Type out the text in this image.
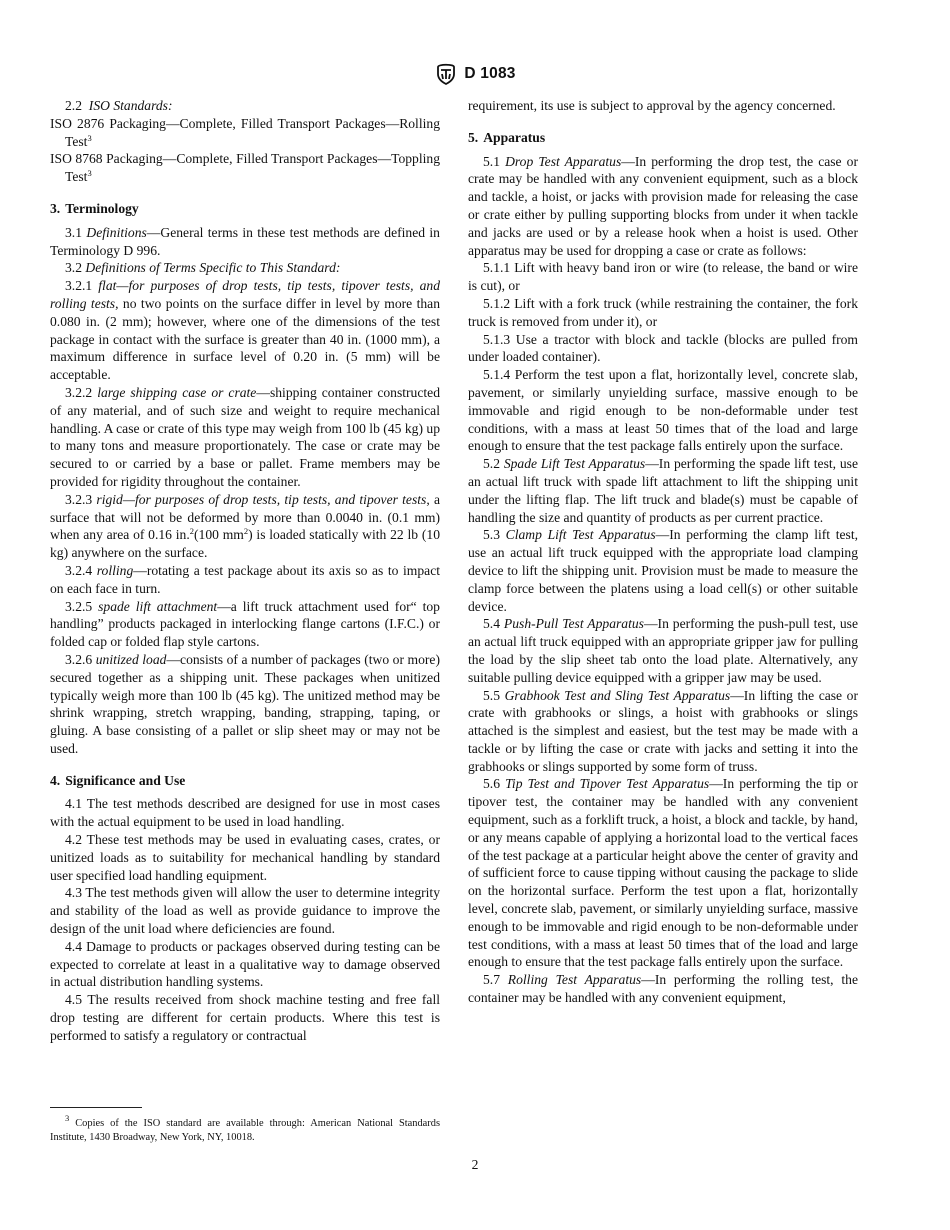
D 1083

2.2 ISO Standards:

ISO 2876 Packaging—Complete, Filled Transport Packages—Rolling Test$^3$

ISO 8768 Packaging—Complete, Filled Transport Packages—Toppling Test$^3$

3. Terminology

3.1 Definitions—General terms in these test methods are defined in Terminology D 996.

3.2 Definitions of Terms Specific to This Standard:

3.2.1 flat—for purposes of drop tests, tip tests, tipover tests, and rolling tests, no two points on the surface differ in level by more than 0.080 in. (2 mm); however, where one of the dimensions of the test package in contact with the surface is greater than 40 in. (1000 mm), a maximum difference in surface level of 0.20 in. (5 mm) will be acceptable.

3.2.2 large shipping case or crate—shipping container constructed of any material, and of such size and weight to require mechanical handling. A case or crate of this type may weigh from 100 lb (45 kg) up to many tons and measure proportionately. The case or crate may be secured to or carried by a base or pallet. Frame members may be provided for rigidity throughout the container.

3.2.3 rigid—for purposes of drop tests, tip tests, and tipover tests, a surface that will not be deformed by more than 0.0040 in. (0.1 mm) when any area of 0.16 in.$^2$(100 $mm^2$) is loaded statically with 22 lb (10 kg) anywhere on the surface.

3.2.4 rolling—rotating a test package about its axis so as to impact on each face in turn.

3.2.5 spade lift attachment—a lift truck attachment used for“ top handling” products packaged in interlocking flange cartons (I.F.C.) or folded cap or folded flap style cartons.

3.2.6 unitized load—consists of a number of packages (two or more) secured together as a shipping unit. These packages when unitized typically weigh more than 100 lb (45 kg). The unitized method may be shrink wrapping, stretch wrapping, banding, strapping, taping, or gluing. A base consisting of a pallet or slip sheet may or may not be used.

4. Significance and Use

4.1 The test methods described are designed for use in most cases with the actual equipment to be used in load handling.

4.2 These test methods may be used in evaluating cases, crates, or unitized loads as to suitability for mechanical handling by standard user specified load handling equipment.

4.3 The test methods given will allow the user to determine integrity and stability of the load as well as provide guidance to improve the design of the unit load where deficiencies are found.

4.4 Damage to products or packages observed during testing can be expected to correlate at least in a qualitative way to damage observed in actual distribution handling systems.

4.5 The results received from shock machine testing and free fall drop testing are different for certain products. Where this test is performed to satisfy a regulatory or contractual

requirement, its use is subject to approval by the agency concerned.

5. Apparatus

5.1 Drop Test Apparatus—In performing the drop test, the case or crate may be handled with any convenient equipment, such as a block and tackle, a hoist, or jacks with provision made for releasing the case or crate either by pulling supporting blocks from under it when tackle and jacks are used or by a release hook when a hoist is used. Other apparatus may be used for dropping a case or crate as follows:

5.1.1 Lift with heavy band iron or wire (to release, the band or wire is cut), or

5.1.2 Lift with a fork truck (while restraining the container, the fork truck is removed from under it), or

5.1.3 Use a tractor with block and tackle (blocks are pulled from under loaded container).

5.1.4 Perform the test upon a flat, horizontally level, concrete slab, pavement, or similarly unyielding surface, massive enough to be immovable and rigid enough to be non-deformable under test conditions, with a mass at least 50 times that of the load and large enough to ensure that the test package falls entirely upon the surface.

5.2 Spade Lift Test Apparatus—In performing the spade lift test, use an actual lift truck with spade lift attachment to lift the shipping unit under the lifting flap. The lift truck and blade(s) must be capable of handling the size and quantity of products as per current practice.

5.3 Clamp Lift Test Apparatus—In performing the clamp lift test, use an actual lift truck equipped with the appropriate load clamping device to lift the shipping unit. Provision must be made to measure the clamp force between the platens using a load cell(s) or other suitable device.

5.4 Push-Pull Test Apparatus—In performing the push-pull test, use an actual lift truck equipped with an appropriate gripper jaw for pulling the load by the slip sheet tab onto the load plate. Alternatively, any suitable pulling device equipped with a gripper jaw may be used.

5.5 Grabhook Test and Sling Test Apparatus—In lifting the case or crate with grabhooks or slings, a hoist with grabhooks or slings attached is the simplest and easiest, but the test may be made with a tackle or by lifting the case or crate with jacks and setting it into the grabhooks or slings supported by some form of truss.

5.6 Tip Test and Tipover Test Apparatus—In performing the tip or tipover test, the container may be handled with any convenient equipment, such as a forklift truck, a hoist, a block and tackle, by hand, or any means capable of applying a horizontal load to the vertical faces of the test package at a particular height above the center of gravity and of sufficient force to cause tipping without causing the package to slide on the horizontal surface. Perform the test upon a flat, horizontally level, concrete slab, pavement, or similarly unyielding surface, massive enough to be immovable and rigid enough to be non-deformable under test conditions, with a mass at least 50 times that of the load and large enough to ensure that the test package falls entirely upon the surface.

5.7 Rolling Test Apparatus—In performing the rolling test, the container may be handled with any convenient equipment,

$^3$ Copies of the ISO standard are available through: American National Standards Institute, 1430 Broadway, New York, NY, 10018.

2
